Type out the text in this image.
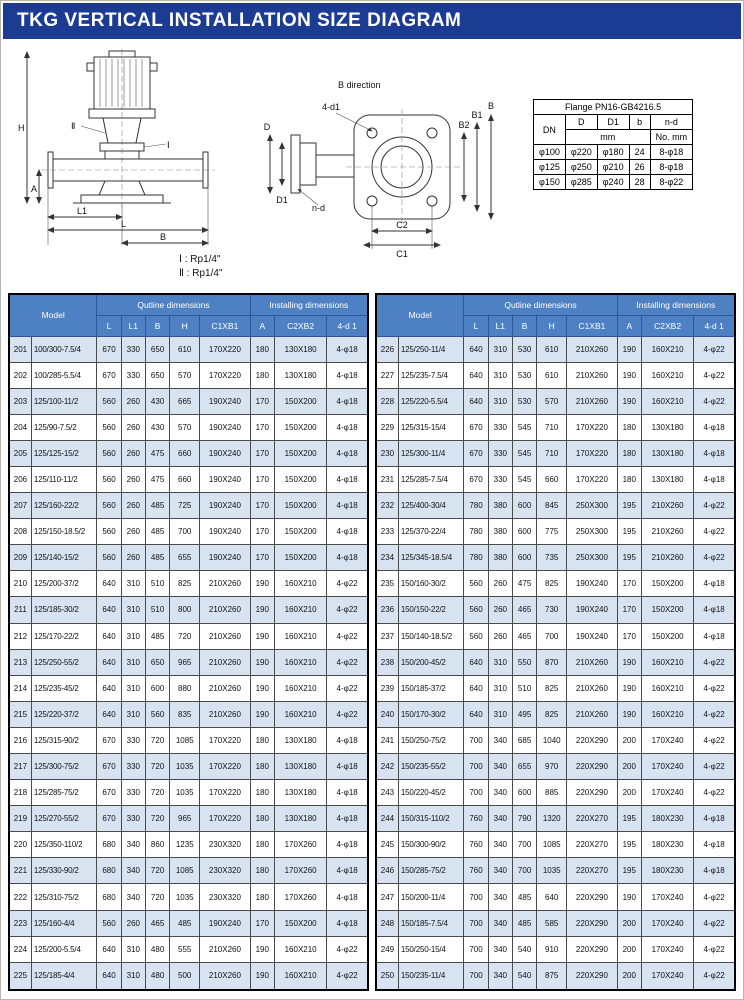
TKG VERTICAL INSTALLATION SIZE DIAGRAM
H
A
L1
L
B
Ⅱ
Ⅰ
B direction
4-d1
n-d
D
D1
B2
B1
B
C2
C1
Flange PN16-GB4216.5				
DN	D	D1	b	n-d
	mm			No. mm
φ100	φ220	φ180	24	8-φ18
φ125	φ250	φ210	26	8-φ18
φ150	φ285	φ240	28	8-φ22
Ⅰ : Rp1/4"
Ⅱ : Rp1/4"
Model		Qutline dimensions					Installing dimensions		
		L	L1	B	H	C1XB1	A	C2XB2	4-d 1
201	100/300-7.5/4	670	330	650	610	170X220	180	130X180	4-φ18
202	100/285-5.5/4	670	330	650	570	170X220	180	130X180	4-φ18
203	125/100-11/2	560	260	430	665	190X240	170	150X200	4-φ18
204	125/90-7.5/2	560	260	430	570	190X240	170	150X200	4-φ18
205	125/125-15/2	560	260	475	660	190X240	170	150X200	4-φ18
206	125/110-11/2	560	260	475	660	190X240	170	150X200	4-φ18
207	125/160-22/2	560	260	485	725	190X240	170	150X200	4-φ18
208	125/150-18.5/2	560	260	485	700	190X240	170	150X200	4-φ18
209	125/140-15/2	560	260	485	655	190X240	170	150X200	4-φ18
210	125/200-37/2	640	310	510	825	210X260	190	160X210	4-φ22
211	125/185-30/2	640	310	510	800	210X260	190	160X210	4-φ22
212	125/170-22/2	640	310	485	720	210X260	190	160X210	4-φ22
213	125/250-55/2	640	310	650	965	210X260	190	160X210	4-φ22
214	125/235-45/2	640	310	600	880	210X260	190	160X210	4-φ22
215	125/220-37/2	640	310	560	835	210X260	190	160X210	4-φ22
216	125/315-90/2	670	330	720	1085	170X220	180	130X180	4-φ18
217	125/300-75/2	670	330	720	1035	170X220	180	130X180	4-φ18
218	125/285-75/2	670	330	720	1035	170X220	180	130X180	4-φ18
219	125/270-55/2	670	330	720	965	170X220	180	130X180	4-φ18
220	125/350-110/2	680	340	860	1235	230X320	180	170X260	4-φ18
221	125/330-90/2	680	340	720	1085	230X320	180	170X260	4-φ18
222	125/310-75/2	680	340	720	1035	230X320	180	170X260	4-φ18
223	125/160-4/4	560	260	465	485	190X240	170	150X200	4-φ18
224	125/200-5.5/4	640	310	480	555	210X260	190	160X210	4-φ22
225	125/185-4/4	640	310	480	500	210X260	190	160X210	4-φ22
Model		Qutline dimensions					Installing dimensions		
		L	L1	B	H	C1XB1	A	C2XB2	4-d 1
226	125/250-11/4	640	310	530	610	210X260	190	160X210	4-φ22
227	125/235-7.5/4	640	310	530	610	210X260	190	160X210	4-φ22
228	125/220-5.5/4	640	310	530	570	210X260	190	160X210	4-φ22
229	125/315-15/4	670	330	545	710	170X220	180	130X180	4-φ18
230	125/300-11/4	670	330	545	710	170X220	180	130X180	4-φ18
231	125/285-7.5/4	670	330	545	660	170X220	180	130X180	4-φ18
232	125/400-30/4	780	380	600	845	250X300	195	210X260	4-φ22
233	125/370-22/4	780	380	600	775	250X300	195	210X260	4-φ22
234	125/345-18.5/4	780	380	600	735	250X300	195	210X260	4-φ22
235	150/160-30/2	560	260	475	825	190X240	170	150X200	4-φ18
236	150/150-22/2	560	260	465	730	190X240	170	150X200	4-φ18
237	150/140-18.5/2	560	260	465	700	190X240	170	150X200	4-φ18
238	150/200-45/2	640	310	550	870	210X260	190	160X210	4-φ22
239	150/185-37/2	640	310	510	825	210X260	190	160X210	4-φ22
240	150/170-30/2	640	310	495	825	210X260	190	160X210	4-φ22
241	150/250-75/2	700	340	685	1040	220X290	200	170X240	4-φ22
242	150/235-55/2	700	340	655	970	220X290	200	170X240	4-φ22
243	150/220-45/2	700	340	600	885	220X290	200	170X240	4-φ22
244	150/315-110/2	760	340	790	1320	220X270	195	180X230	4-φ18
245	150/300-90/2	760	340	700	1085	220X270	195	180X230	4-φ18
246	150/285-75/2	760	340	700	1035	220X270	195	180X230	4-φ18
247	150/200-11/4	700	340	485	640	220X290	190	170X240	4-φ22
248	150/185-7.5/4	700	340	485	585	220X290	200	170X240	4-φ22
249	150/250-15/4	700	340	540	910	220X290	200	170X240	4-φ22
250	150/235-11/4	700	340	540	875	220X290	200	170X240	4-φ22
